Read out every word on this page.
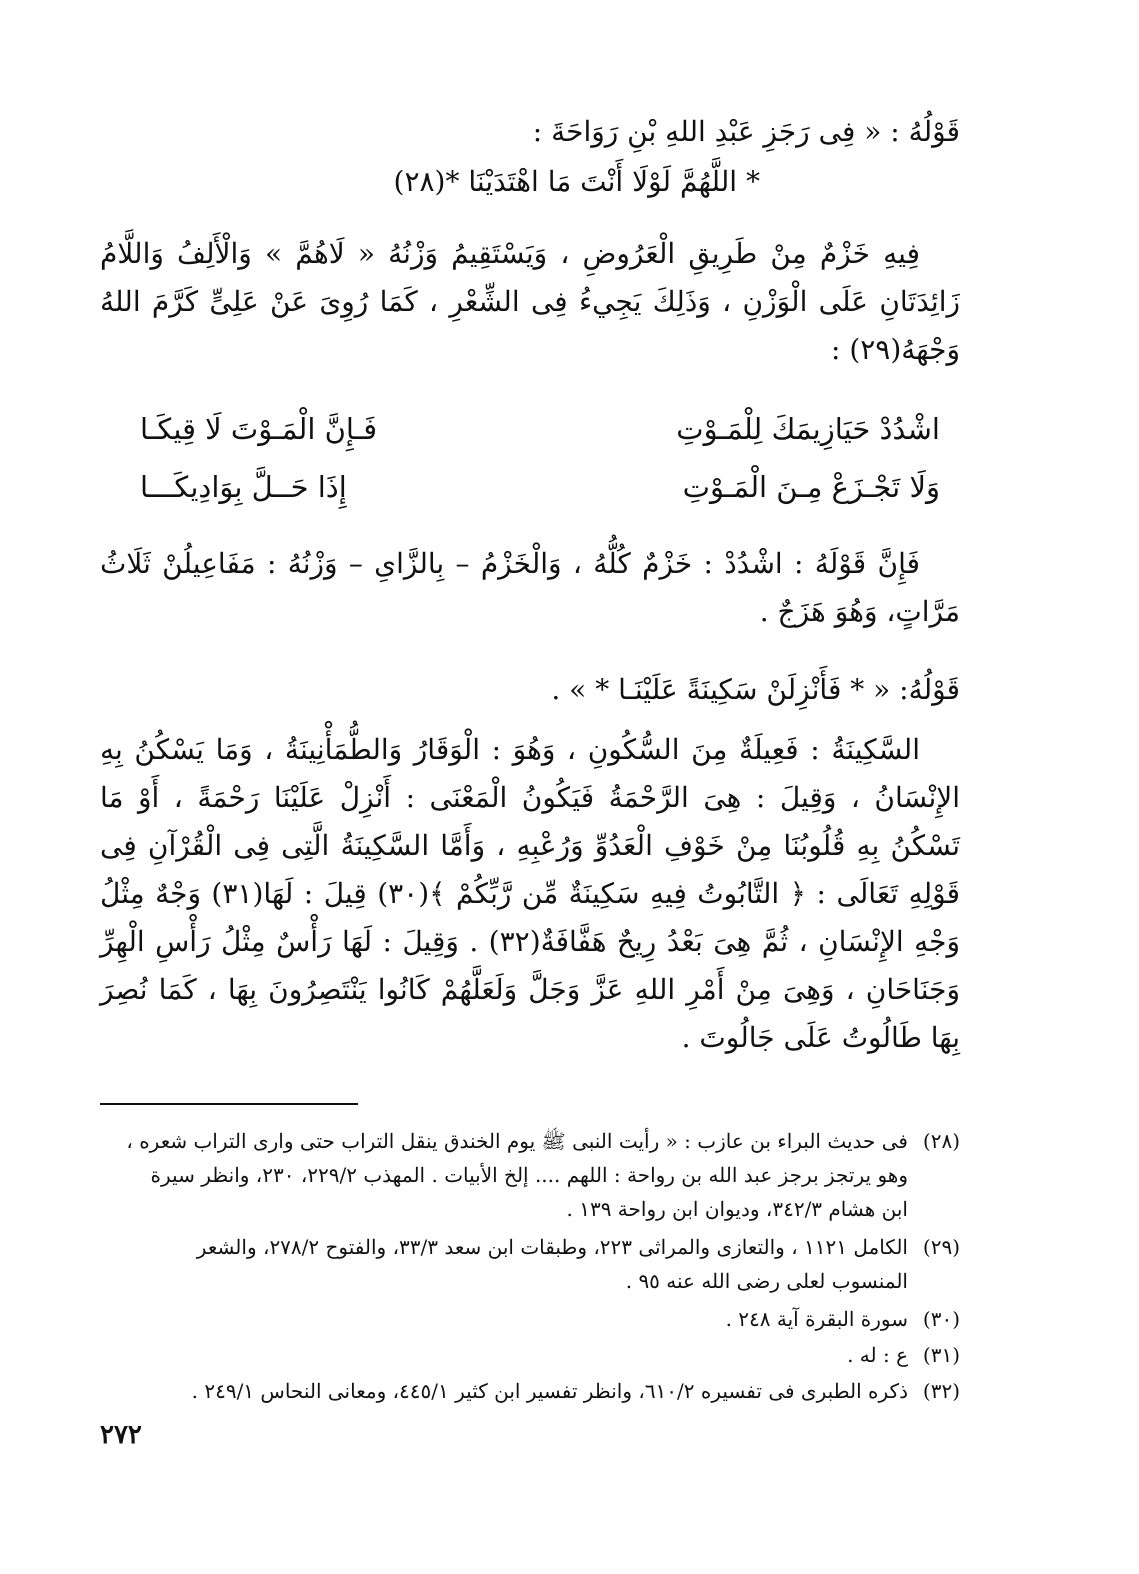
قَوْلُهُ : « فِى رَجَزِ عَبْدِ اللهِ بْنِ رَوَاحَةَ :
* اللَّهُمَّ لَوْلَا أَنْتَ مَا اهْتَدَيْنَا *(٢٨)
فِيهِ خَزْمٌ مِنْ طَرِيقِ الْعَرُوضِ ، وَيَسْتَقِيمُ وَزْنُهُ « لَاهُمَّ » وَالْأَلِفُ وَاللَّامُ زَائِدَتَانِ عَلَى الْوَزْنِ ، وَذَلِكَ يَجِيءُ فِى الشِّعْرِ ، كَمَا رُوِىَ عَنْ عَلِىٍّ كَرَّمَ اللهُ وَجْهَهُ(٢٩) :
اشْدُدْ حَيَازِيمَكَ لِلْمَـوْتِ
فَـإِنَّ الْمَـوْتَ لَا قِيكَـا
وَلَا تَجْـزَعْ مِـنَ الْمَـوْتِ
إِذَا حَــلَّ بِوَادِيكَـــا
فَإِنَّ قَوْلَهُ : اشْدُدْ : خَزْمٌ كُلُّهُ ، وَالْخَزْمُ – بِالزَّاىِ – وَزْنُهُ : مَفَاعِيلُنْ ثَلَاثُ مَرَّاتٍ، وَهُوَ هَزَجٌ .
قَوْلُهُ: « * فَأَنْزِلَنْ سَكِينَةً عَلَيْنَـا * » .
السَّكِينَةُ : فَعِيلَةٌ مِنَ السُّكُونِ ، وَهُوَ : الْوَقَارُ وَالطُّمَأْنِينَةُ ، وَمَا يَسْكُنُ بِهِ الإِنْسَانُ ، وَقِيلَ : هِىَ الرَّحْمَةُ فَيَكُونُ الْمَعْنَى : أَنْزِلْ عَلَيْنَا رَحْمَةً ، أَوْ مَا تَسْكُنُ بِهِ قُلُوبُنَا مِنْ خَوْفِ الْعَدُوِّ وَرُعْبِهِ ، وَأَمَّا السَّكِينَةُ الَّتِى فِى الْقُرْآنِ فِى قَوْلِهِ تَعَالَى : ﴿ التَّابُوتُ فِيهِ سَكِينَةٌ مِّن رَّبِّكُمْ ﴾(٣٠) قِيلَ : لَهَا(٣١) وَجْهٌ مِثْلُ وَجْهِ الإِنْسَانِ ، ثُمَّ هِىَ بَعْدُ رِيحٌ هَفَّافَةٌ(٣٢) . وَقِيلَ : لَهَا رَأْسٌ مِثْلُ رَأْسِ الْهِرِّ وَجَنَاحَانِ ، وَهِىَ مِنْ أَمْرِ اللهِ عَزَّ وَجَلَّ وَلَعَلَّهُمْ كَانُوا يَنْتَصِرُونَ بِهَا ، كَمَا نُصِرَ بِهَا طَالُوتُ عَلَى جَالُوتَ .
(٢٨)فى حديث البراء بن عازب : « رأيت النبى ﷺ يوم الخندق ينقل التراب حتى وارى التراب شعره ،
وهو يرتجز برجز عبد الله بن رواحة : اللهم .... إلخ الأبيات . المهذب ٢٢٩/٢، ٢٣٠، وانظر سيرة
ابن هشام ٣٤٢/٣، وديوان ابن رواحة ١٣٩ .
(٢٩)الكامل ١١٢١ ، والتعازى والمراثى ٢٢٣، وطبقات ابن سعد ٣٣/٣، والفتوح ٢٧٨/٢، والشعر
المنسوب لعلى رضى الله عنه ٩٥ .
(٣٠)سورة البقرة آية ٢٤٨ .
(٣١)ع : له .
(٣٢)ذكره الطبرى فى تفسيره ٦١٠/٢، وانظر تفسير ابن كثير ٤٤٥/١، ومعانى النحاس ٢٤٩/١ .
٢٧٢
